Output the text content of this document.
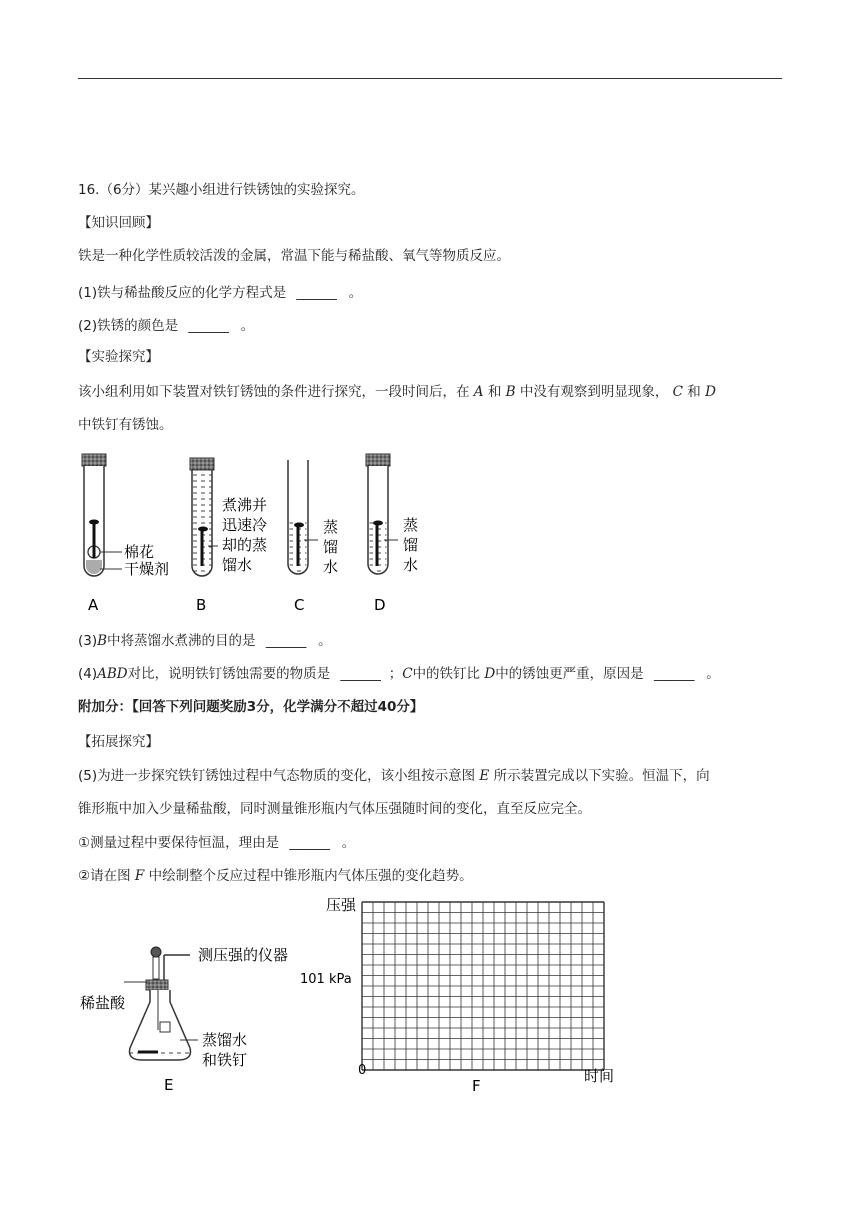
16.（6分）某兴趣小组进行铁锈蚀的实验探究。
【知识回顾】
铁是一种化学性质较活泼的金属，常温下能与稀盐酸、氧气等物质反应。
(1)铁与稀盐酸反应的化学方程式是 ______ 。
(2)铁锈的颜色是 ______ 。
【实验探究】
该小组利用如下装置对铁钉锈蚀的条件进行探究，一段时间后，在 A 和 B 中没有观察到明显现象， C 和 D
中铁钉有锈蚀。
棉花
干燥剂
煮沸并
迅速冷
却的蒸
馏水
蒸
馏
水
蒸
馏
水
A	B	C	D
(3)B中将蒸馏水煮沸的目的是 ______ 。
(4)ABD对比，说明铁钉锈蚀需要的物质是 ______ ；C中的铁钉比 D中的锈蚀更严重，原因是 ______ 。
附加分：【回答下列问题奖励3分，化学满分不超过40分】
【拓展探究】
(5)为进一步探究铁钉锈蚀过程中气态物质的变化，该小组按示意图 E 所示装置完成以下实验。恒温下，向
锥形瓶中加入少量稀盐酸，同时测量锥形瓶内气体压强随时间的变化，直至反应完全。
①测量过程中要保待恒温，理由是 ______ 。
②请在图 F 中绘制整个反应过程中锥形瓶内气体压强的变化趋势。
测压强的仪器
稀盐酸
蒸馏水
和铁钉
E
压强
101 kPa
0	时间
F
